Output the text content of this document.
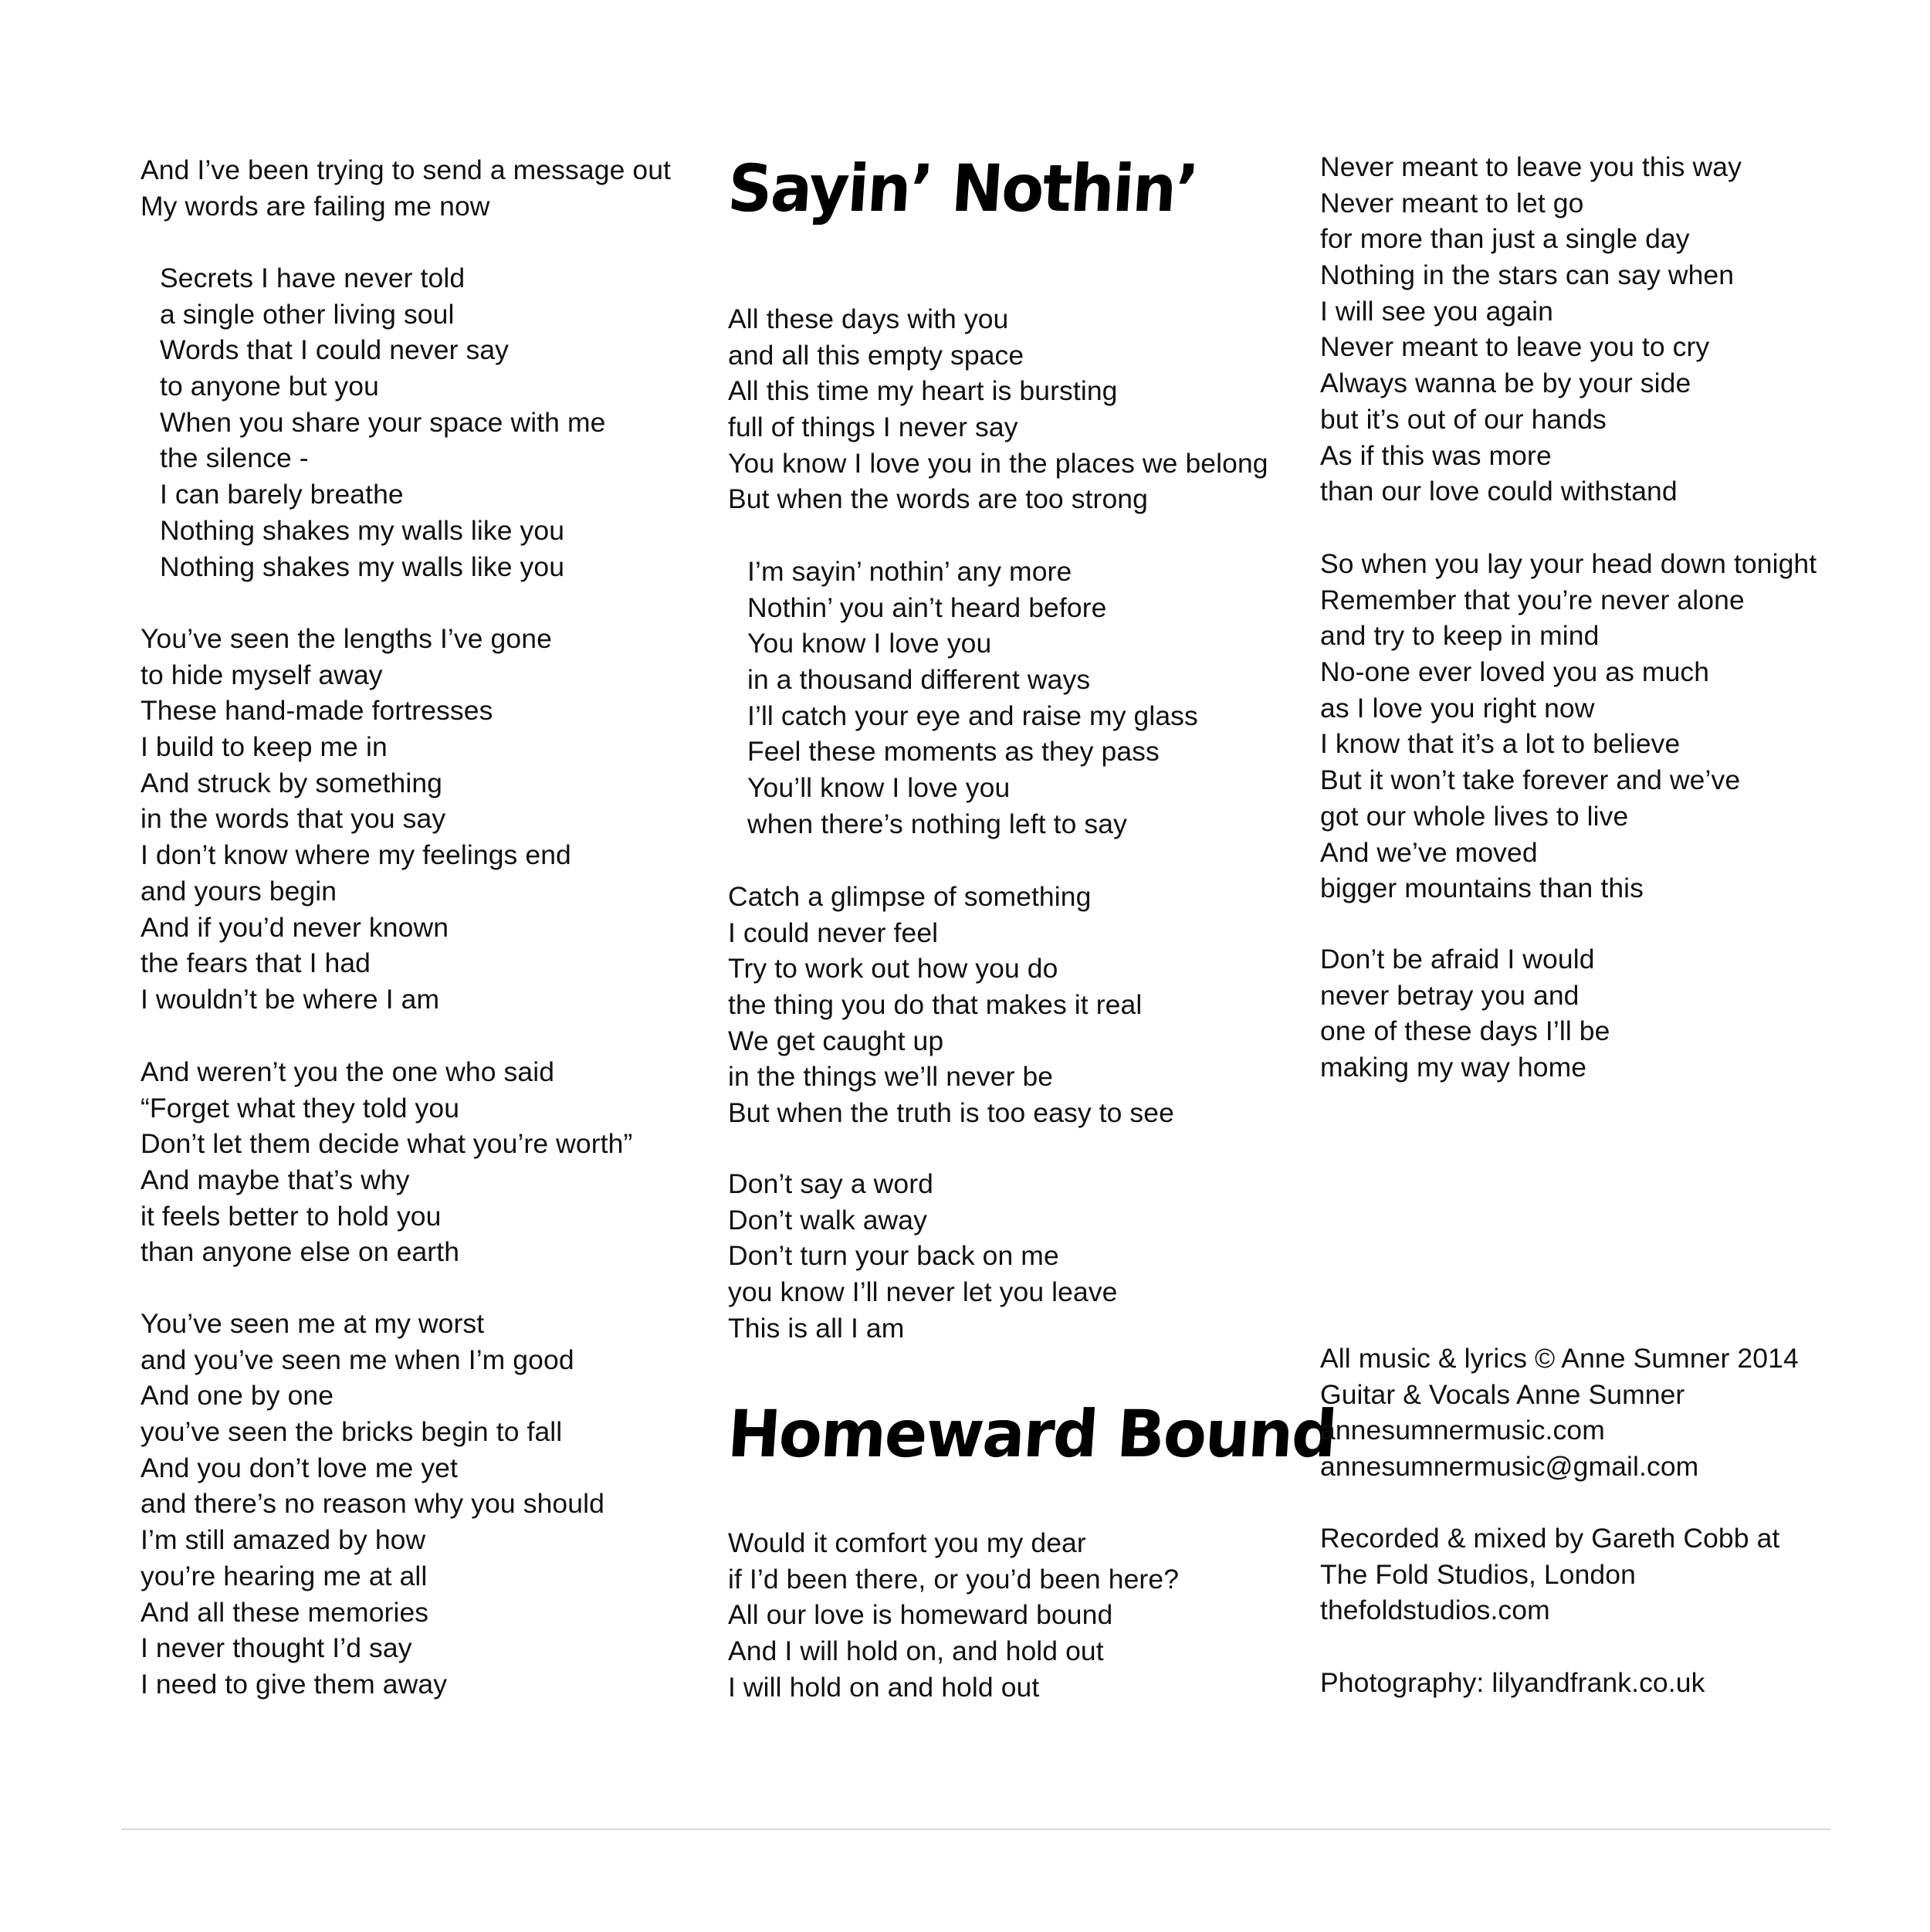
And I’ve been trying to send a message out
My words are failing me now
Secrets I have never told
a single other living soul
Words that I could never say
to anyone but you
When you share your space with me
the silence -
I can barely breathe
Nothing shakes my walls like you
Nothing shakes my walls like you
You’ve seen the lengths I’ve gone
to hide myself away
These hand-made fortresses
I build to keep me in
And struck by something
in the words that you say
I don’t know where my feelings end
and yours begin
And if you’d never known
the fears that I had
I wouldn’t be where I am
And weren’t you the one who said
“Forget what they told you
Don’t let them decide what you’re worth”
And maybe that’s why
it feels better to hold you
than anyone else on earth
You’ve seen me at my worst
and you’ve seen me when I’m good
And one by one
you’ve seen the bricks begin to fall
And you don’t love me yet
and there’s no reason why you should
I’m still amazed by how
you’re hearing me at all
And all these memories
I never thought I’d say
I need to give them away
Sayin’ Nothin’
All these days with you
and all this empty space
All this time my heart is bursting
full of things I never say
You know I love you in the places we belong
But when the words are too strong
I’m sayin’ nothin’ any more
Nothin’ you ain’t heard before
You know I love you
in a thousand different ways
I’ll catch your eye and raise my glass
Feel these moments as they pass
You’ll know I love you
when there’s nothing left to say
Catch a glimpse of something
I could never feel
Try to work out how you do
the thing you do that makes it real
We get caught up
in the things we’ll never be
But when the truth is too easy to see
Don’t say a word
Don’t walk away
Don’t turn your back on me
you know I’ll never let you leave
This is all I am
Homeward Bound
Would it comfort you my dear
if I’d been there, or you’d been here?
All our love is homeward bound
And I will hold on, and hold out
I will hold on and hold out
Never meant to leave you this way
Never meant to let go
for more than just a single day
Nothing in the stars can say when
I will see you again
Never meant to leave you to cry
Always wanna be by your side
but it’s out of our hands
As if this was more
than our love could withstand
So when you lay your head down tonight
Remember that you’re never alone
and try to keep in mind
No-one ever loved you as much
as I love you right now
I know that it’s a lot to believe
But it won’t take forever and we’ve
got our whole lives to live
And we’ve moved
bigger mountains than this
Don’t be afraid I would
never betray you and
one of these days I’ll be
making my way home
All music & lyrics © Anne Sumner 2014
Guitar & Vocals Anne Sumner
annesumnermusic.com
annesumnermusic@gmail.com
Recorded & mixed by Gareth Cobb at
The Fold Studios, London
thefoldstudios.com
Photography: lilyandfrank.co.uk
